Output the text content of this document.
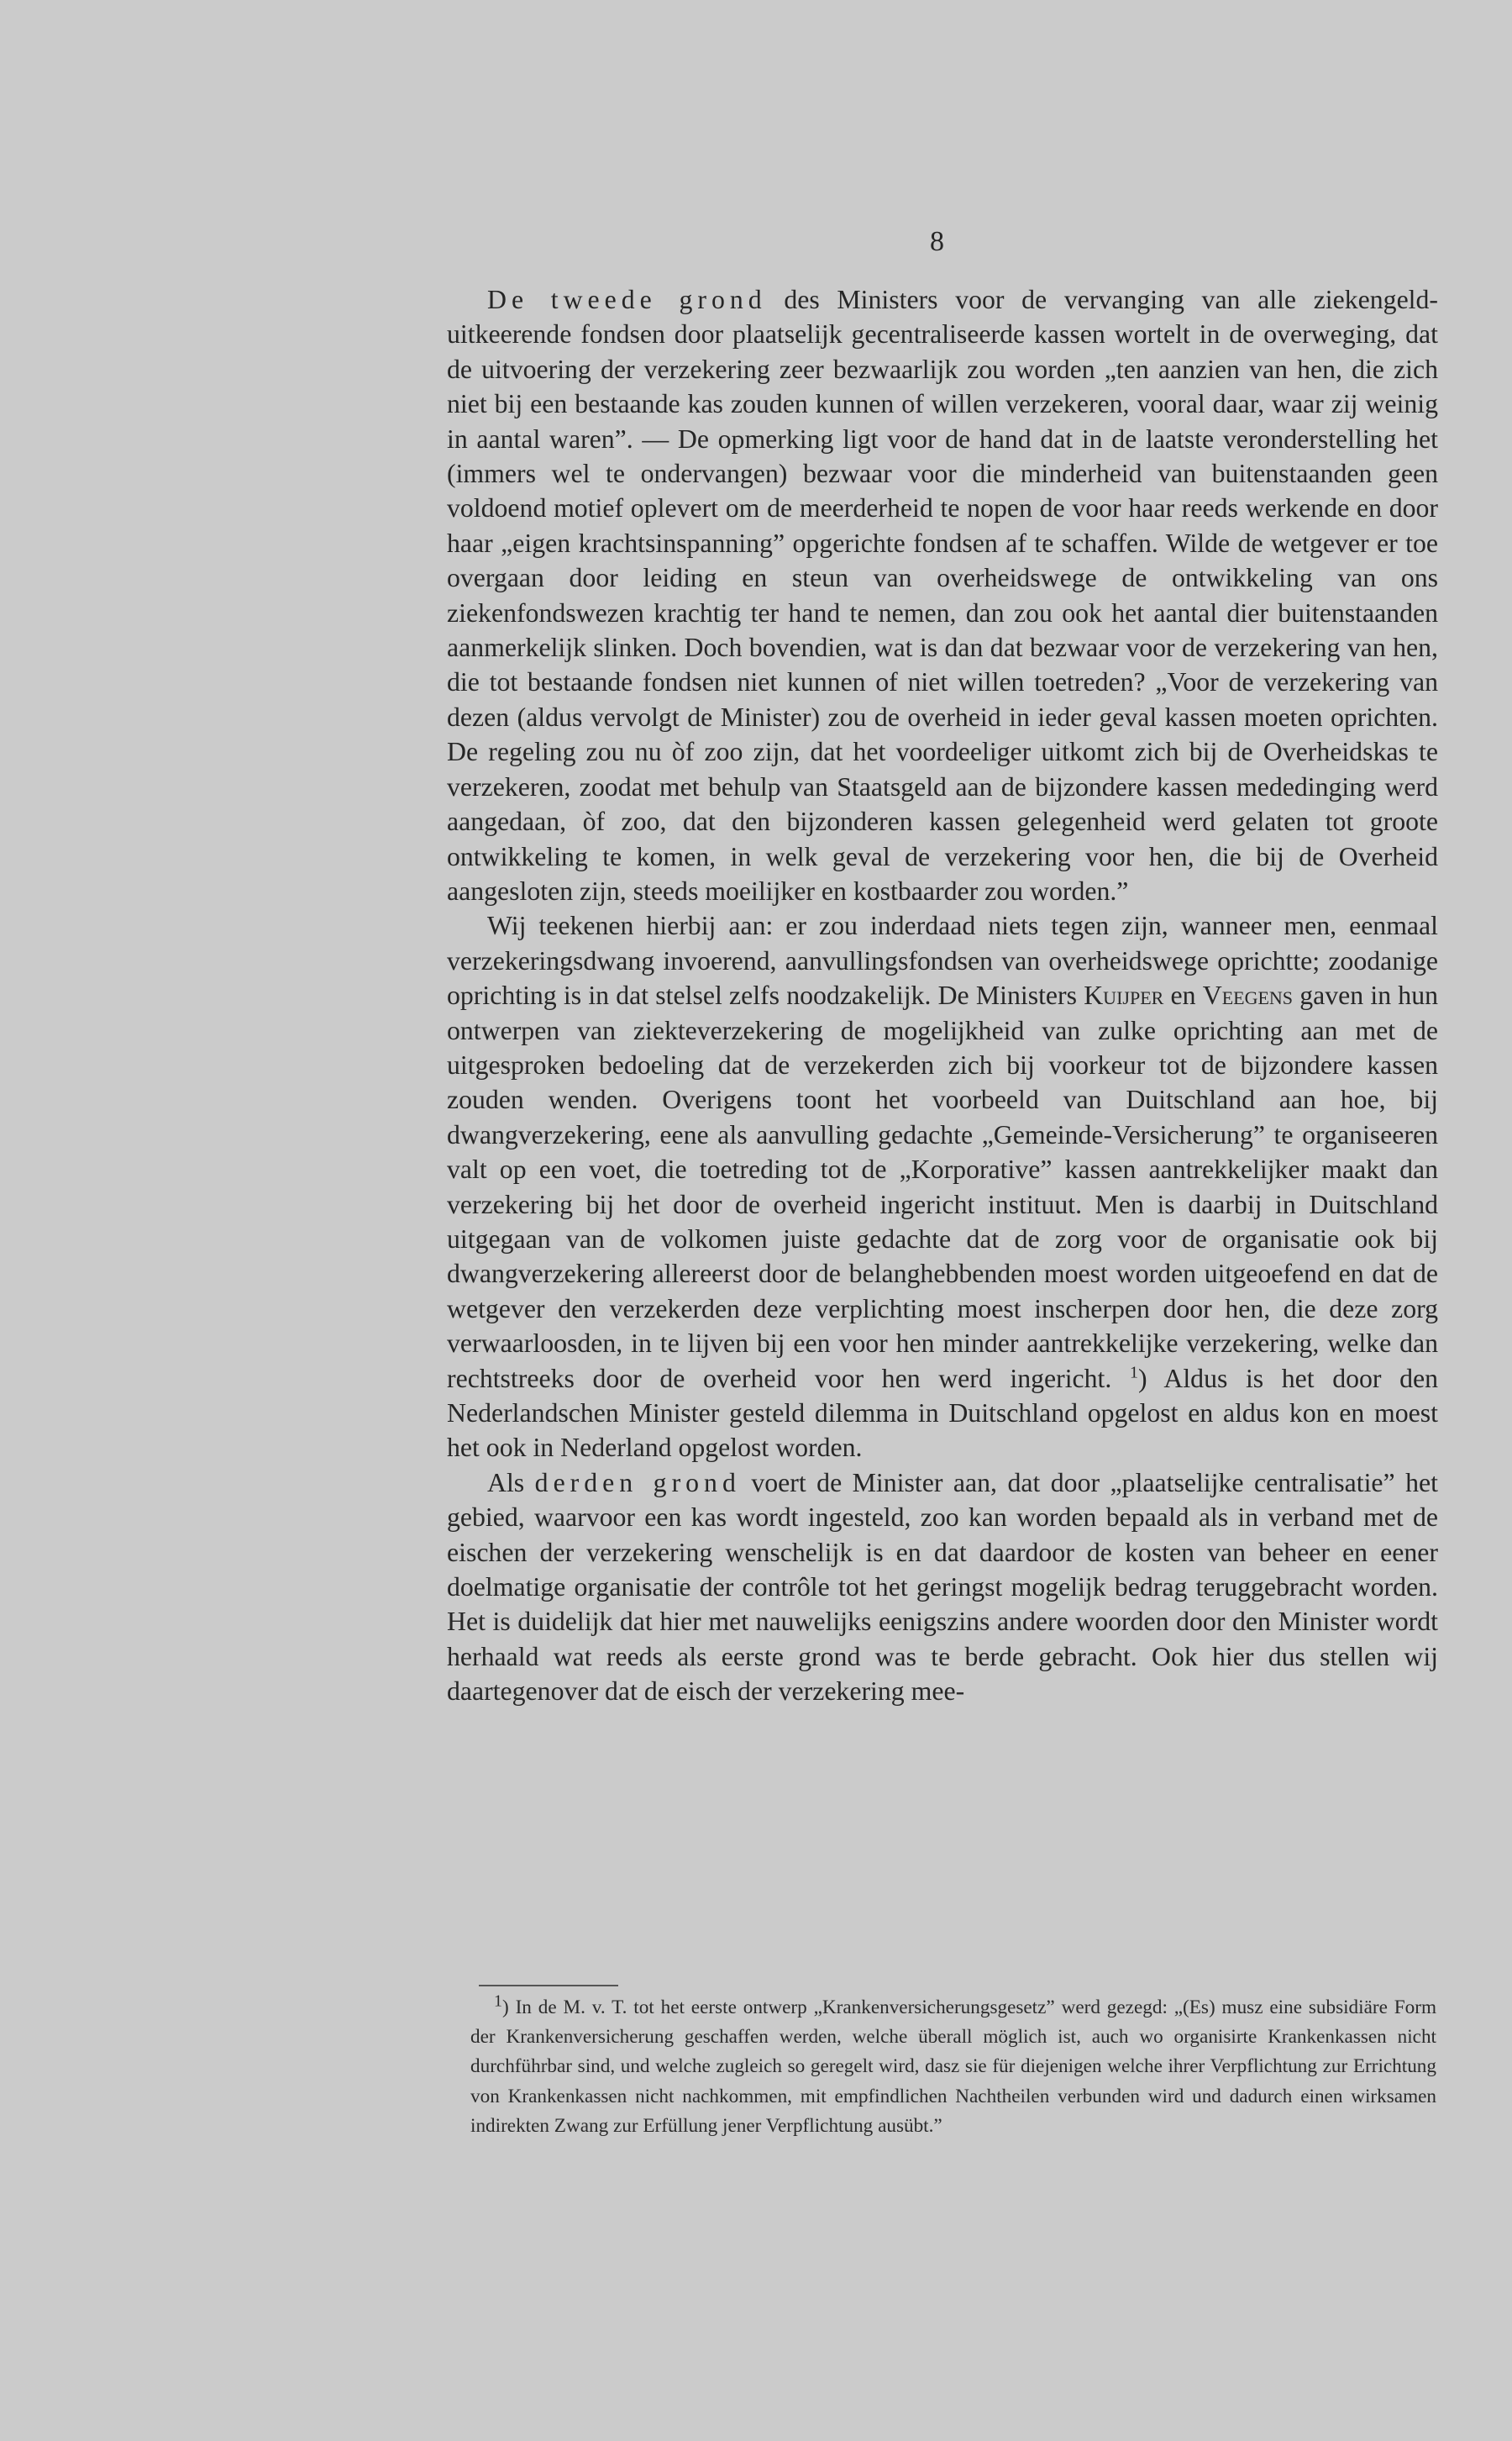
8

De tweede grond des Ministers voor de vervanging van alle ziekengeld-uitkeerende fondsen door plaatselijk gecentraliseerde kassen wortelt in de overweging, dat de uitvoering der verzekering zeer bezwaarlijk zou worden „ten aanzien van hen, die zich niet bij een bestaande kas zouden kunnen of willen verzekeren, vooral daar, waar zij weinig in aantal waren”. — De opmerking ligt voor de hand dat in de laatste veronderstelling het (immers wel te ondervangen) bezwaar voor die minderheid van buitenstaanden geen voldoend motief oplevert om de meerderheid te nopen de voor haar reeds werkende en door haar „eigen krachtsinspanning” opgerichte fondsen af te schaffen. Wilde de wetgever er toe overgaan door leiding en steun van overheidswege de ontwikkeling van ons ziekenfondswezen krachtig ter hand te nemen, dan zou ook het aantal dier buitenstaanden aanmerkelijk slinken. Doch bovendien, wat is dan dat bezwaar voor de verzekering van hen, die tot bestaande fondsen niet kunnen of niet willen toetreden? „Voor de verzekering van dezen (aldus vervolgt de Minister) zou de overheid in ieder geval kassen moeten oprichten. De regeling zou nu òf zoo zijn, dat het voordeeliger uitkomt zich bij de Overheidskas te verzekeren, zoodat met behulp van Staatsgeld aan de bijzondere kassen mededinging werd aangedaan, òf zoo, dat den bijzonderen kassen gelegenheid werd gelaten tot groote ontwikkeling te komen, in welk geval de verzekering voor hen, die bij de Overheid aangesloten zijn, steeds moeilijker en kostbaarder zou worden.”

Wij teekenen hierbij aan: er zou inderdaad niets tegen zijn, wanneer men, eenmaal verzekeringsdwang invoerend, aanvullingsfondsen van overheidswege oprichtte; zoodanige oprichting is in dat stelsel zelfs noodzakelijk. De Ministers Kuijper en Veegens gaven in hun ontwerpen van ziekteverzekering de mogelijkheid van zulke oprichting aan met de uitgesproken bedoeling dat de verzekerden zich bij voorkeur tot de bijzondere kassen zouden wenden. Overigens toont het voorbeeld van Duitschland aan hoe, bij dwangverzekering, eene als aanvulling gedachte „Gemeinde-Versicherung” te organiseeren valt op een voet, die toetreding tot de „Korporative” kassen aantrekkelijker maakt dan verzekering bij het door de overheid ingericht instituut. Men is daarbij in Duitschland uitgegaan van de volkomen juiste gedachte dat de zorg voor de organisatie ook bij dwangverzekering allereerst door de belanghebbenden moest worden uitgeoefend en dat de wetgever den verzekerden deze verplichting moest inscherpen door hen, die deze zorg verwaarloosden, in te lijven bij een voor hen minder aantrekkelijke verzekering, welke dan rechtstreeks door de overheid voor hen werd ingericht. $^1$) Aldus is het door den Nederlandschen Minister gesteld dilemma in Duitschland opgelost en aldus kon en moest het ook in Nederland opgelost worden.

Als derden grond voert de Minister aan, dat door „plaatselijke centralisatie” het gebied, waarvoor een kas wordt ingesteld, zoo kan worden bepaald als in verband met de eischen der verzekering wenschelijk is en dat daardoor de kosten van beheer en eener doelmatige organisatie der contrôle tot het geringst mogelijk bedrag teruggebracht worden. Het is duidelijk dat hier met nauwelijks eenigszins andere woorden door den Minister wordt herhaald wat reeds als eerste grond was te berde gebracht. Ook hier dus stellen wij daartegenover dat de eisch der verzekering mee-

$^1$) In de M. v. T. tot het eerste ontwerp „Krankenversicherungsgesetz” werd gezegd: „(Es) musz eine subsidiäre Form der Krankenversicherung geschaffen werden, welche überall möglich ist, auch wo organisirte Krankenkassen nicht durchführbar sind, und welche zugleich so geregelt wird, dasz sie für diejenigen welche ihrer Verpflichtung zur Errichtung von Krankenkassen nicht nachkommen, mit empfindlichen Nachtheilen verbunden wird und dadurch einen wirksamen indirekten Zwang zur Erfüllung jener Verpflichtung ausübt.”
